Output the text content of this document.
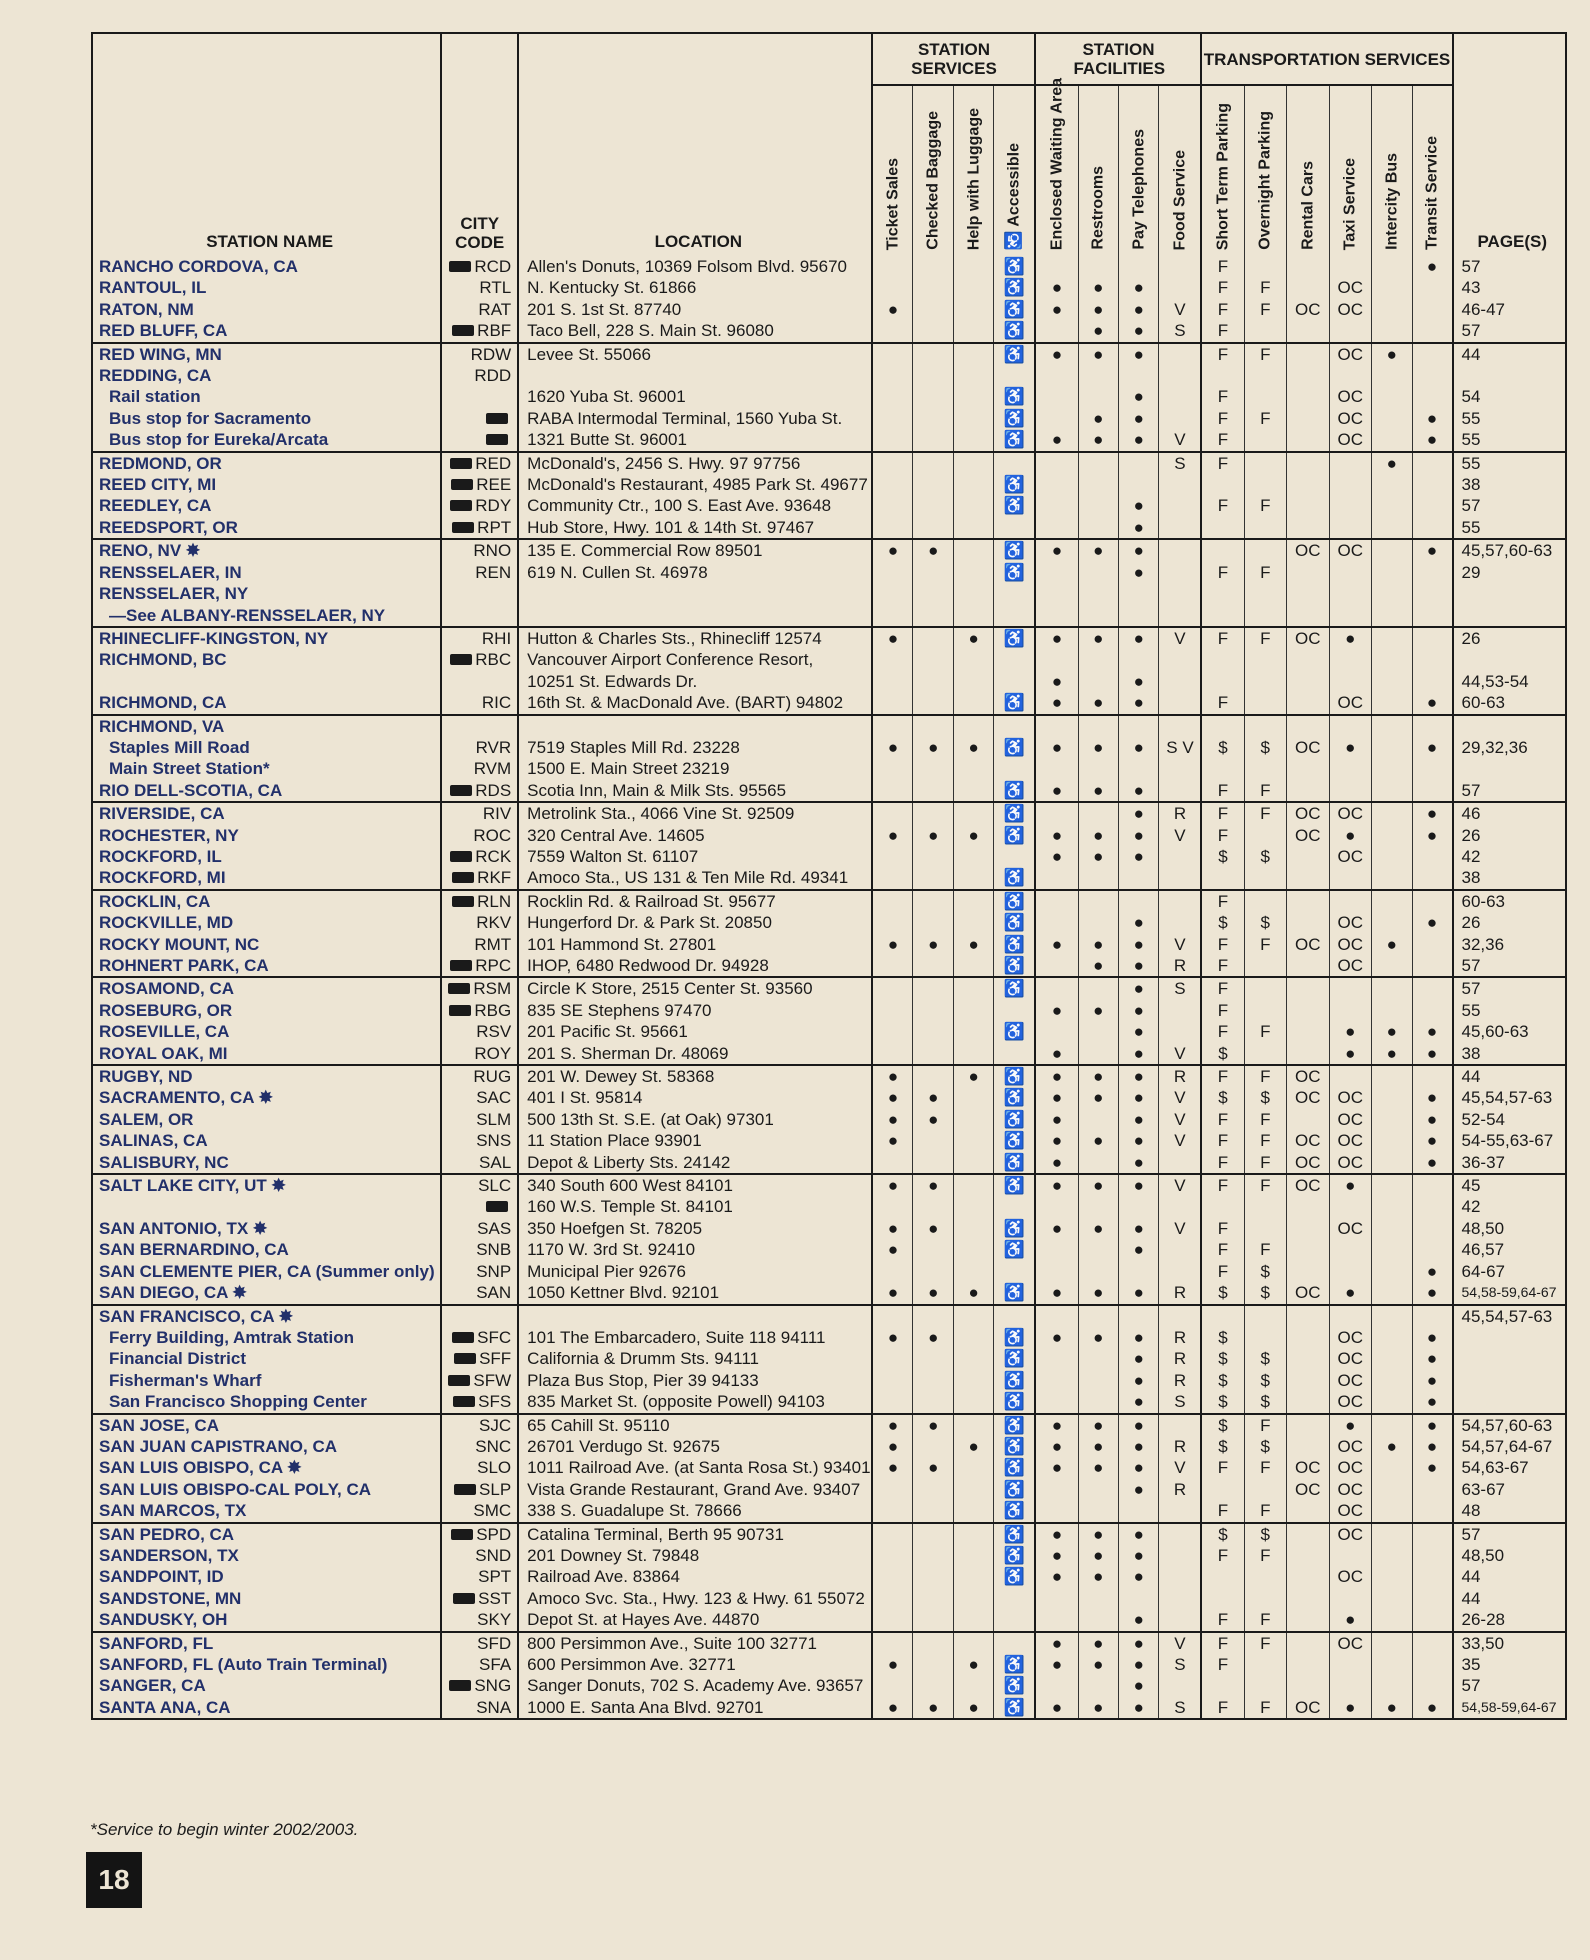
STATION NAME	CITY
CODE	LOCATION	STATION SERVICES				STATION FACILITIES				TRANSPORTATION SERVICES						PAGE(S)

			Ticket Sales	Checked Baggage	Help with Luggage	♿ Accessible	Enclosed Waiting Area	Restrooms	Pay Telephones	Food Service	Short Term Parking	Overnight Parking	Rental Cars	Taxi Service	Intercity Bus	Transit Service	

RANCHO CORDOVA, CA	RCD	Allen's Donuts, 10369 Folsom Blvd. 95670				♿					F					●	57
RANTOUL, IL	RTL	N. Kentucky St. 61866				♿	●	●	●		F	F		OC			43
RATON, NM	RAT	201 S. 1st St. 87740	●			♿	●	●	●	V	F	F	OC	OC			46-47
RED BLUFF, CA	RBF	Taco Bell, 228 S. Main St. 96080				♿		●	●	S	F						57
RED WING, MN	RDW	Levee St. 55066				♿	●	●	●		F	F		OC	●		44
REDDING, CA	RDD																
Rail station		1620 Yuba St. 96001				♿			●		F			OC			54
Bus stop for Sacramento		RABA Intermodal Terminal, 1560 Yuba St.				♿		●	●		F	F		OC		●	55
Bus stop for Eureka/Arcata		1321 Butte St. 96001				♿	●	●	●	V	F			OC		●	55
REDMOND, OR	RED	McDonald's, 2456 S. Hwy. 97 97756								S	F				●		55
REED CITY, MI	REE	McDonald's Restaurant, 4985 Park St. 49677				♿											38
REEDLEY, CA	RDY	Community Ctr., 100 S. East Ave. 93648				♿			●		F	F					57
REEDSPORT, OR	RPT	Hub Store, Hwy. 101 & 14th St. 97467							●								55
RENO, NV ✸	RNO	135 E. Commercial Row 89501	●	●		♿	●	●	●				OC	OC		●	45,57,60-63
RENSSELAER, IN	REN	619 N. Cullen St. 46978				♿			●		F	F					29
RENSSELAER, NY																	
—See ALBANY-RENSSELAER, NY																	
RHINECLIFF-KINGSTON, NY	RHI	Hutton & Charles Sts., Rhinecliff 12574	●		●	♿	●	●	●	V	F	F	OC	●			26
RICHMOND, BC	RBC	Vancouver Airport Conference Resort,															
		10251 St. Edwards Dr.					●		●								44,53-54
RICHMOND, CA	RIC	16th St. & MacDonald Ave. (BART) 94802				♿	●	●	●		F			OC		●	60-63
RICHMOND, VA																	
Staples Mill Road	RVR	7519 Staples Mill Rd. 23228	●	●	●	♿	●	●	●	S V	$	$	OC	●		●	29,32,36
Main Street Station*	RVM	1500 E. Main Street 23219															
RIO DELL-SCOTIA, CA	RDS	Scotia Inn, Main & Milk Sts. 95565				♿	●	●	●		F	F					57
RIVERSIDE, CA	RIV	Metrolink Sta., 4066 Vine St. 92509				♿			●	R	F	F	OC	OC		●	46
ROCHESTER, NY	ROC	320 Central Ave. 14605	●	●	●	♿	●	●	●	V	F		OC	●		●	26
ROCKFORD, IL	RCK	7559 Walton St. 61107					●	●	●		$	$		OC			42
ROCKFORD, MI	RKF	Amoco Sta., US 131 & Ten Mile Rd. 49341				♿											38
ROCKLIN, CA	RLN	Rocklin Rd. & Railroad St. 95677				♿					F						60-63
ROCKVILLE, MD	RKV	Hungerford Dr. & Park St. 20850				♿			●		$	$		OC		●	26
ROCKY MOUNT, NC	RMT	101 Hammond St. 27801	●	●	●	♿	●	●	●	V	F	F	OC	OC	●		32,36
ROHNERT PARK, CA	RPC	IHOP, 6480 Redwood Dr. 94928				♿		●	●	R	F			OC			57
ROSAMOND, CA	RSM	Circle K Store, 2515 Center St. 93560				♿			●	S	F						57
ROSEBURG, OR	RBG	835 SE Stephens 97470					●	●	●		F						55
ROSEVILLE, CA	RSV	201 Pacific St. 95661				♿			●		F	F		●	●	●	45,60-63
ROYAL OAK, MI	ROY	201 S. Sherman Dr. 48069					●		●	V	$			●	●	●	38
RUGBY, ND	RUG	201 W. Dewey St. 58368	●		●	♿	●	●	●	R	F	F	OC				44
SACRAMENTO, CA ✸	SAC	401 I St. 95814	●	●		♿	●	●	●	V	$	$	OC	OC		●	45,54,57-63
SALEM, OR	SLM	500 13th St. S.E. (at Oak) 97301	●	●		♿	●		●	V	F	F		OC		●	52-54
SALINAS, CA	SNS	11 Station Place 93901	●			♿	●	●	●	V	F	F	OC	OC		●	54-55,63-67
SALISBURY, NC	SAL	Depot & Liberty Sts. 24142				♿	●		●		F	F	OC	OC		●	36-37
SALT LAKE CITY, UT ✸	SLC	340 South 600 West 84101	●	●		♿	●	●	●	V	F	F	OC	●			45
		160 W.S. Temple St. 84101															42
SAN ANTONIO, TX ✸	SAS	350 Hoefgen St. 78205	●	●		♿	●	●	●	V	F			OC			48,50
SAN BERNARDINO, CA	SNB	1170 W. 3rd St. 92410	●			♿			●		F	F					46,57
SAN CLEMENTE PIER, CA (Summer only)	SNP	Municipal Pier 92676									F	$				●	64-67
SAN DIEGO, CA ✸	SAN	1050 Kettner Blvd. 92101	●	●	●	♿	●	●	●	R	$	$	OC	●		●	54,58-59,64-67
SAN FRANCISCO, CA ✸																	45,54,57-63
Ferry Building, Amtrak Station	SFC	101 The Embarcadero, Suite 118 94111	●	●		♿	●	●	●	R	$			OC		●	
Financial District	SFF	California & Drumm Sts. 94111				♿			●	R	$	$		OC		●	
Fisherman's Wharf	SFW	Plaza Bus Stop, Pier 39 94133				♿			●	R	$	$		OC		●	
San Francisco Shopping Center	SFS	835 Market St. (opposite Powell) 94103				♿			●	S	$	$		OC		●	
SAN JOSE, CA	SJC	65 Cahill St. 95110	●	●		♿	●	●	●		$	F		●		●	54,57,60-63
SAN JUAN CAPISTRANO, CA	SNC	26701 Verdugo St. 92675	●		●	♿	●	●	●	R	$	$		OC	●	●	54,57,64-67
SAN LUIS OBISPO, CA ✸	SLO	1011 Railroad Ave. (at Santa Rosa St.) 93401	●	●		♿	●	●	●	V	F	F	OC	OC		●	54,63-67
SAN LUIS OBISPO-CAL POLY, CA	SLP	Vista Grande Restaurant, Grand Ave. 93407				♿			●	R			OC	OC			63-67
SAN MARCOS, TX	SMC	338 S. Guadalupe St. 78666				♿					F	F		OC			48
SAN PEDRO, CA	SPD	Catalina Terminal, Berth 95 90731				♿	●	●	●		$	$		OC			57
SANDERSON, TX	SND	201 Downey St. 79848				♿	●	●	●		F	F					48,50
SANDPOINT, ID	SPT	Railroad Ave. 83864				♿	●	●	●					OC			44
SANDSTONE, MN	SST	Amoco Svc. Sta., Hwy. 123 & Hwy. 61 55072															44
SANDUSKY, OH	SKY	Depot St. at Hayes Ave. 44870							●		F	F		●			26-28
SANFORD, FL	SFD	800 Persimmon Ave., Suite 100 32771					●	●	●	V	F	F		OC			33,50
SANFORD, FL (Auto Train Terminal)	SFA	600 Persimmon Ave. 32771	●		●	♿	●	●	●	S	F						35
SANGER, CA	SNG	Sanger Donuts, 702 S. Academy Ave. 93657				♿			●								57
SANTA ANA, CA	SNA	1000 E. Santa Ana Blvd. 92701	●	●	●	♿	●	●	●	S	F	F	OC	●	●	●	54,58-59,64-67
*Service to begin winter 2002/2003.
18
